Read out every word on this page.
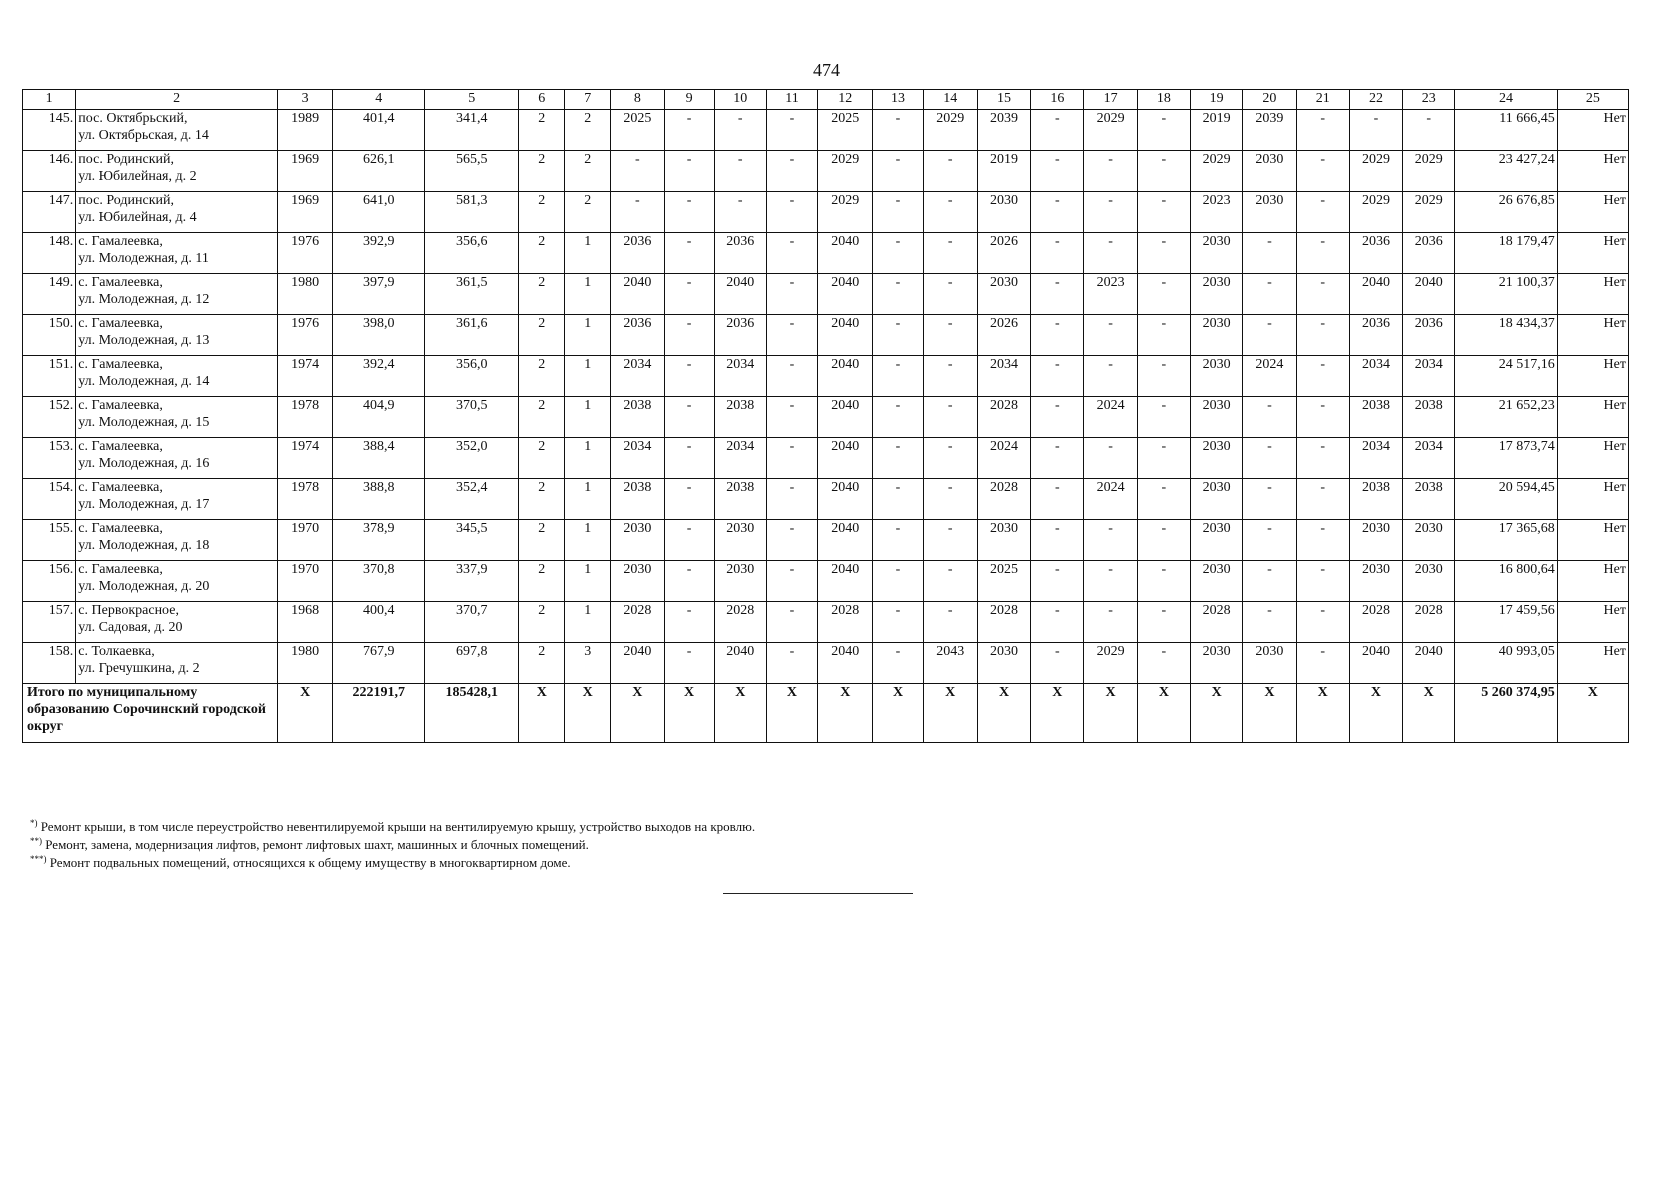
474
1	2	3	4	5	6	7	8	9	10	11	12	13	14	15	16	17	18	19	20	21	22	23	24	25
145.	пос. Октябрьский,
ул. Октябрьская, д. 14	1989	401,4	341,4	2	2	2025	-	-	-	2025	-	2029	2039	-	2029	-	2019	2039	-	-	-	11 666,45	Нет
146.	пос. Родинский,
ул. Юбилейная, д. 2	1969	626,1	565,5	2	2	-	-	-	-	2029	-	-	2019	-	-	-	2029	2030	-	2029	2029	23 427,24	Нет
147.	пос. Родинский,
ул. Юбилейная, д. 4	1969	641,0	581,3	2	2	-	-	-	-	2029	-	-	2030	-	-	-	2023	2030	-	2029	2029	26 676,85	Нет
148.	с. Гамалеевка,
ул. Молодежная, д. 11	1976	392,9	356,6	2	1	2036	-	2036	-	2040	-	-	2026	-	-	-	2030	-	-	2036	2036	18 179,47	Нет
149.	с. Гамалеевка,
ул. Молодежная, д. 12	1980	397,9	361,5	2	1	2040	-	2040	-	2040	-	-	2030	-	2023	-	2030	-	-	2040	2040	21 100,37	Нет
150.	с. Гамалеевка,
ул. Молодежная, д. 13	1976	398,0	361,6	2	1	2036	-	2036	-	2040	-	-	2026	-	-	-	2030	-	-	2036	2036	18 434,37	Нет
151.	с. Гамалеевка,
ул. Молодежная, д. 14	1974	392,4	356,0	2	1	2034	-	2034	-	2040	-	-	2034	-	-	-	2030	2024	-	2034	2034	24 517,16	Нет
152.	с. Гамалеевка,
ул. Молодежная, д. 15	1978	404,9	370,5	2	1	2038	-	2038	-	2040	-	-	2028	-	2024	-	2030	-	-	2038	2038	21 652,23	Нет
153.	с. Гамалеевка,
ул. Молодежная, д. 16	1974	388,4	352,0	2	1	2034	-	2034	-	2040	-	-	2024	-	-	-	2030	-	-	2034	2034	17 873,74	Нет
154.	с. Гамалеевка,
ул. Молодежная, д. 17	1978	388,8	352,4	2	1	2038	-	2038	-	2040	-	-	2028	-	2024	-	2030	-	-	2038	2038	20 594,45	Нет
155.	с. Гамалеевка,
ул. Молодежная, д. 18	1970	378,9	345,5	2	1	2030	-	2030	-	2040	-	-	2030	-	-	-	2030	-	-	2030	2030	17 365,68	Нет
156.	с. Гамалеевка,
ул. Молодежная, д. 20	1970	370,8	337,9	2	1	2030	-	2030	-	2040	-	-	2025	-	-	-	2030	-	-	2030	2030	16 800,64	Нет
157.	с. Первокрасное,
ул. Садовая, д. 20	1968	400,4	370,7	2	1	2028	-	2028	-	2028	-	-	2028	-	-	-	2028	-	-	2028	2028	17 459,56	Нет
158.	с. Толкаевка,
ул. Гречушкина, д. 2	1980	767,9	697,8	2	3	2040	-	2040	-	2040	-	2043	2030	-	2029	-	2030	2030	-	2040	2040	40 993,05	Нет
Итого по муниципальному образованию Сорочинский городской округ		X	222191,7	185428,1	X	X	X	X	X	X	X	X	X	X	X	X	X	X	X	X	X	X	5 260 374,95	X
*) Ремонт крыши, в том числе переустройство невентилируемой крыши на вентилируемую крышу, устройство выходов на кровлю.
**) Ремонт, замена, модернизация лифтов, ремонт лифтовых шахт, машинных и блочных помещений.
***) Ремонт подвальных помещений, относящихся к общему имуществу в многоквартирном доме.
